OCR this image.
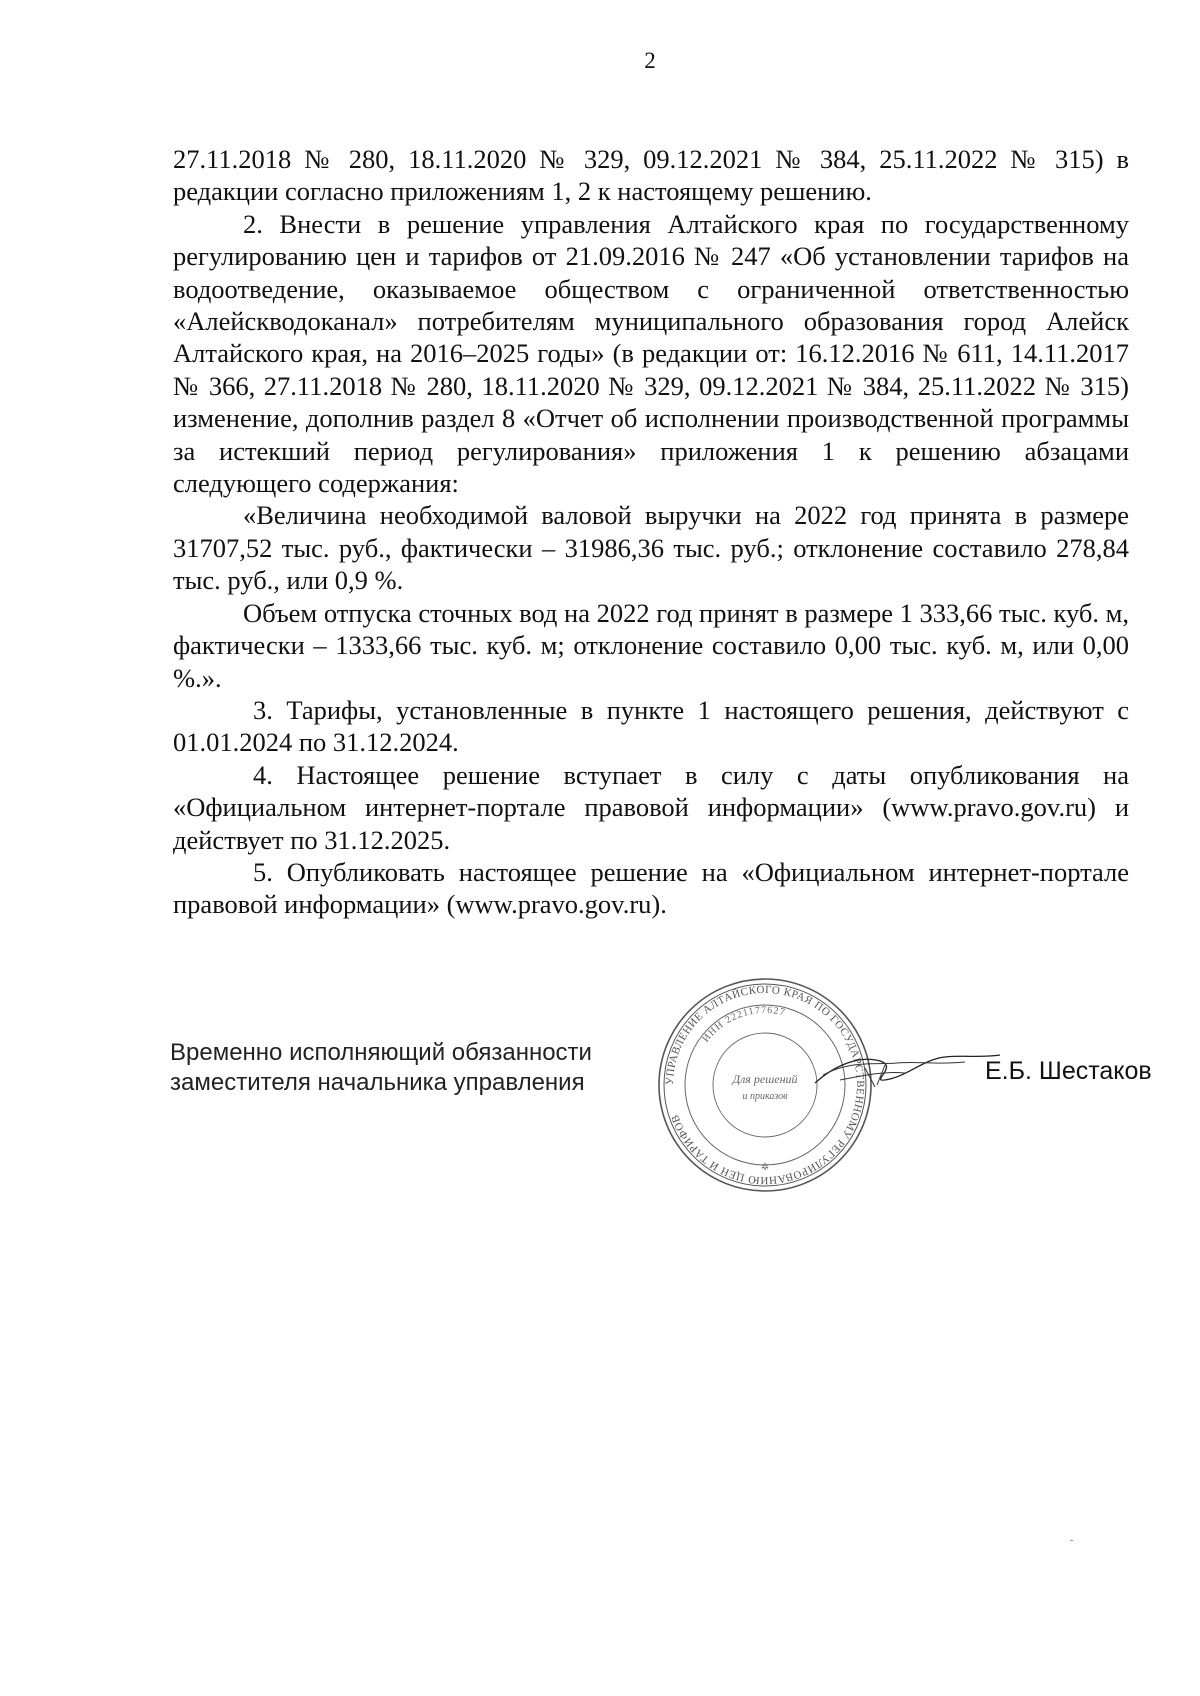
2

27.11.2018 № 280, 18.11.2020 № 329, 09.12.2021 № 384, 25.11.2022 № 315) в редакции согласно приложениям 1, 2 к настоящему решению.

2. Внести в решение управления Алтайского края по государственному регулированию цен и тарифов от 21.09.2016 № 247 «Об установлении тарифов на водоотведение, оказываемое обществом с ограниченной ответственностью «Алейскводоканал» потребителям муниципального образования город Алейск Алтайского края, на 2016–2025 годы» (в редакции от: 16.12.2016 № 611, 14.11.2017 № 366, 27.11.2018 № 280, 18.11.2020 № 329, 09.12.2021 № 384, 25.11.2022 № 315) изменение, дополнив раздел 8 «Отчет об исполнении производственной программы за истекший период регулирования» приложения 1 к решению абзацами следующего содержания:

«Величина необходимой валовой выручки на 2022 год принята в размере 31707,52 тыс. руб., фактически – 31986,36 тыс. руб.; отклонение составило 278,84 тыс. руб., или 0,9 %.

Объем отпуска сточных вод на 2022 год принят в размере 1 333,66 тыс. куб. м, фактически – 1333,66 тыс. куб. м; отклонение составило 0,00 тыс. куб. м, или 0,00 %.».

3. Тарифы, установленные в пункте 1 настоящего решения, действуют с 01.01.2024 по 31.12.2024.

4. Настоящее решение вступает в силу с даты опубликования на «Официальном интернет-портале правовой информации» (www.pravo.gov.ru) и действует по 31.12.2025.

5. Опубликовать настоящее решение на «Официальном интернет-портале правовой информации» (www.pravo.gov.ru).

Временно исполняющий обязанности
заместителя начальника управления	УПРАВЛЕНИЕ АЛТАЙСКОГО КРАЯ ПО ГОСУДАРСТВЕННОМУ РЕГУЛИРОВАНИЮ ЦЕН И ТАРИФОВ
ИНН 2221177627
Для решений
и приказов
✲
Е.Б. Шестаков
